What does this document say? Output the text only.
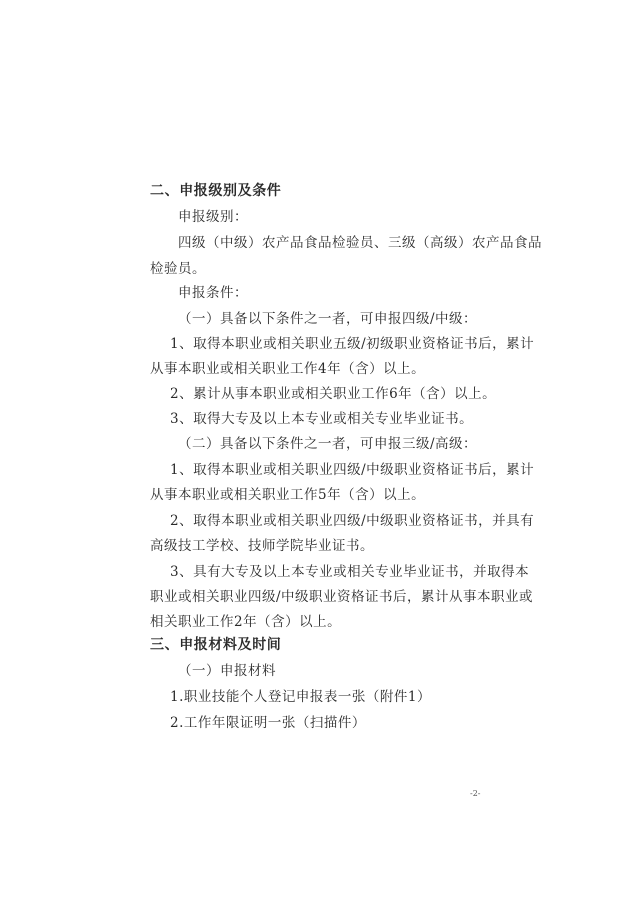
二、申报级别及条件
申报级别：
四级（中级）农产品食品检验员、三级（高级）农产品食品
检验员。
申报条件：
（一）具备以下条件之一者，可申报四级/中级：
1、取得本职业或相关职业五级/初级职业资格证书后，累计
从事本职业或相关职业工作4年（含）以上。
2、累计从事本职业或相关职业工作6年（含）以上。
3、取得大专及以上本专业或相关专业毕业证书。
（二）具备以下条件之一者，可申报三级/高级：
1、取得本职业或相关职业四级/中级职业资格证书后，累计
从事本职业或相关职业工作5年（含）以上。
2、取得本职业或相关职业四级/中级职业资格证书，并具有
高级技工学校、技师学院毕业证书。
3、具有大专及以上本专业或相关专业毕业证书，并取得本
职业或相关职业四级/中级职业资格证书后，累计从事本职业或
相关职业工作2年（含）以上。
三、申报材料及时间
（一）申报材料
1.职业技能个人登记申报表一张（附件1）
2.工作年限证明一张（扫描件）
-2-
